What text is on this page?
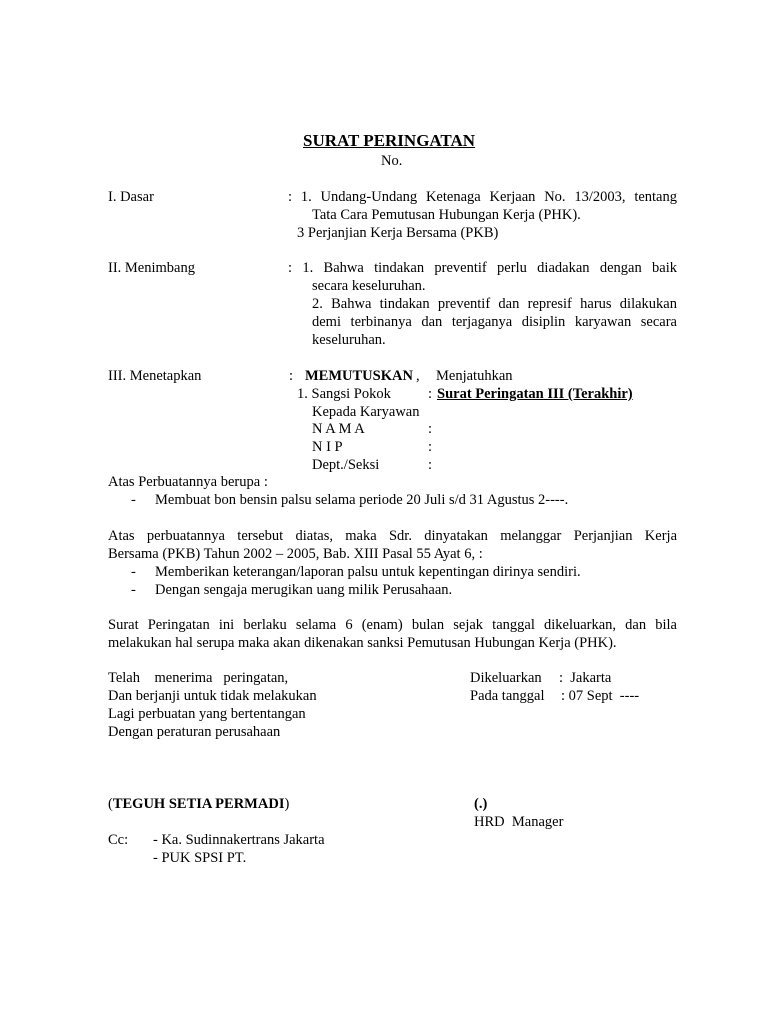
SURAT PERINGATAN
No.
I. Dasar	: 1. Undang-Undang Ketenaga Kerjaan No. 13/2003, tentang
Tata Cara Pemutusan Hubungan Kerja (PHK).
3 Perjanjian Kerja Bersama (PKB)
II. Menimbang	: 1. Bahwa tindakan preventif perlu diadakan dengan baik
secara keseluruhan.
2. Bahwa tindakan preventif dan represif harus dilakukan
demi terbinanya dan terjaganya disiplin karyawan secara
keseluruhan.
III. Menetapkan	: MEMUTUSKAN , Menjatuhkan
1. Sangsi Pokok	: Surat Peringatan III (Terakhir)
Kepada Karyawan
N A M A	:
N I P	:
Dept./Seksi	:
Atas Perbuatannya berupa :
- Membuat bon bensin palsu selama periode 20 Juli s/d 31 Agustus 2----.
Atas perbuatannya tersebut diatas, maka Sdr. dinyatakan melanggar Perjanjian Kerja
Bersama (PKB) Tahun 2002 – 2005, Bab. XIII Pasal 55 Ayat 6, :
- Memberikan keterangan/laporan palsu untuk kepentingan dirinya sendiri.
- Dengan sengaja merugikan uang milik Perusahaan.
Surat Peringatan ini berlaku selama 6 (enam) bulan sejak tanggal dikeluarkan, dan bila
melakukan hal serupa maka akan dikenakan sanksi Pemutusan Hubungan Kerja (PHK).
Telah    menerima   peringatan,
Dan berjanji untuk tidak melakukan
Lagi perbuatan yang bertentangan
Dengan peraturan perusahaan
Dikeluarkan :  Jakarta
Pada tanggal : 07 Sept  ----
(TEGUH SETIA PERMADI)	(.)
HRD  Manager
Cc: - Ka. Sudinnakertrans Jakarta
- PUK SPSI PT.
